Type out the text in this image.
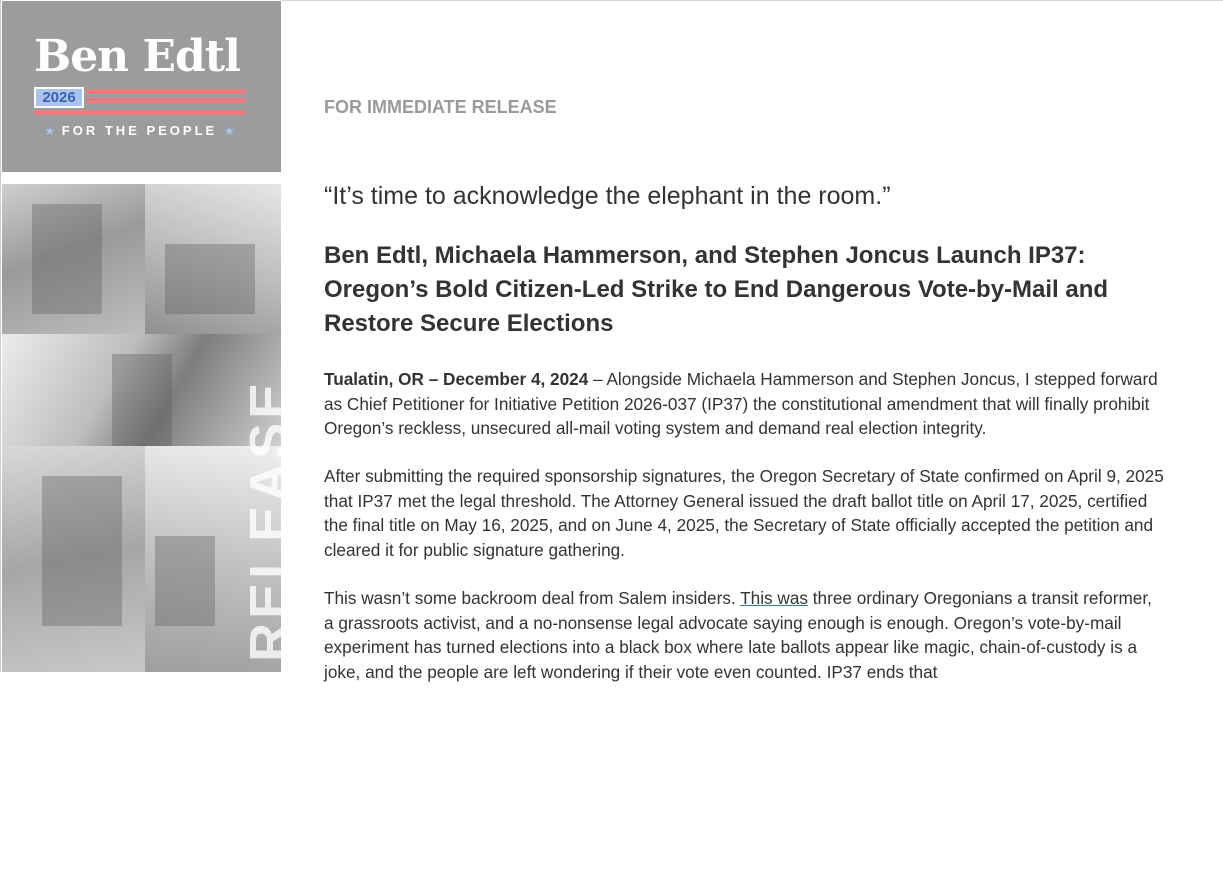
Ben Edtl
2026
★ FOR THE PEOPLE ★
PRESS RELEASE
FOR IMMEDIATE RELEASE
“It’s time to acknowledge the elephant in the room.”
Ben Edtl, Michaela Hammerson, and Stephen Joncus Launch IP37: Oregon’s Bold Citizen-Led Strike to End Dangerous Vote-by-Mail and Restore Secure Elections

Tualatin, OR – December 4, 2024 – Alongside Michaela Hammerson and Stephen Joncus, I stepped forward as Chief Petitioner for Initiative Petition 2026-037 (IP37) the constitutional amendment that will finally prohibit Oregon’s reckless, unsecured all-mail voting system and demand real election integrity.

After submitting the required sponsorship signatures, the Oregon Secretary of State confirmed on April 9, 2025 that IP37 met the legal threshold. The Attorney General issued the draft ballot title on April 17, 2025, certified the final title on May 16, 2025, and on June 4, 2025, the Secretary of State officially accepted the petition and cleared it for public signature gathering.

This wasn’t some backroom deal from Salem insiders. This was three ordinary Oregonians a transit reformer, a grassroots activist, and a no-nonsense legal advocate saying enough is enough. Oregon’s vote-by-mail experiment has turned elections into a black box where late ballots appear like magic, chain-of-custody is a joke, and the people are left wondering if their vote even counted. IP37 ends that
